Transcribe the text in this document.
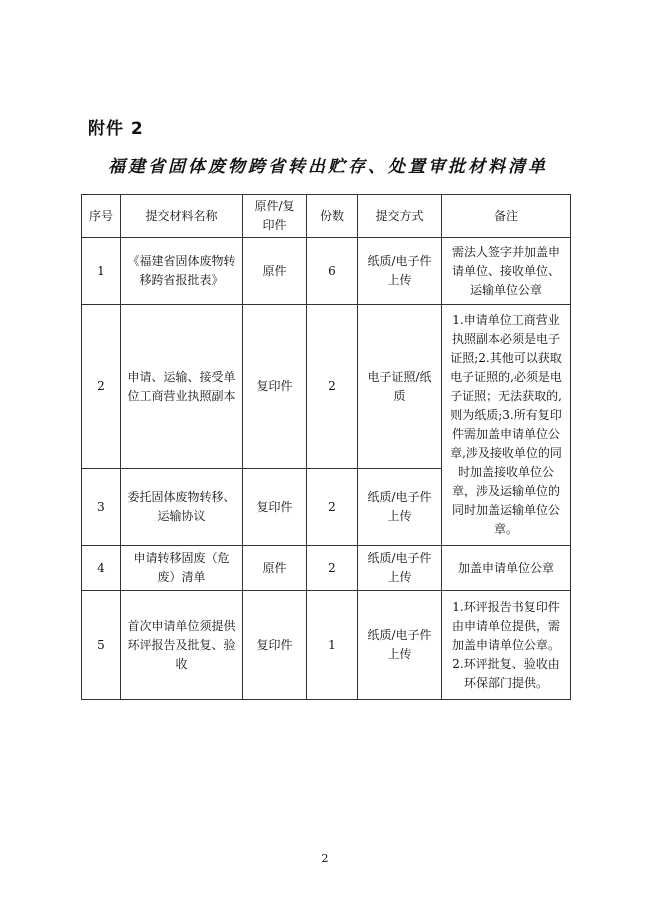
附件 2
福建省固体废物跨省转出贮存、处置审批材料清单
序号	提交材料名称	原件/复印件	份数	提交方式	备注
1	《福建省固体废物转移跨省报批表》	原件	6	纸质/电子件上传	需法人签字并加盖申请单位、接收单位、运输单位公章
2	申请、运输、接受单位工商营业执照副本	复印件	2	电子证照/纸质	1.申请单位工商营业执照副本必须是电子证照;2.其他可以获取电子证照的,必须是电子证照；无法获取的,则为纸质;3.所有复印件需加盖申请单位公章,涉及接收单位的同时加盖接收单位公章，涉及运输单位的同时加盖运输单位公章。
3	委托固体废物转移、运输协议	复印件	2	纸质/电子件上传	
4	申请转移固废（危废）清单	原件	2	纸质/电子件上传	加盖申请单位公章
5	首次申请单位须提供环评报告及批复、验收	复印件	1	纸质/电子件上传	1.环评报告书复印件由申请单位提供，需加盖申请单位公章。2.环评批复、验收由环保部门提供。
2
